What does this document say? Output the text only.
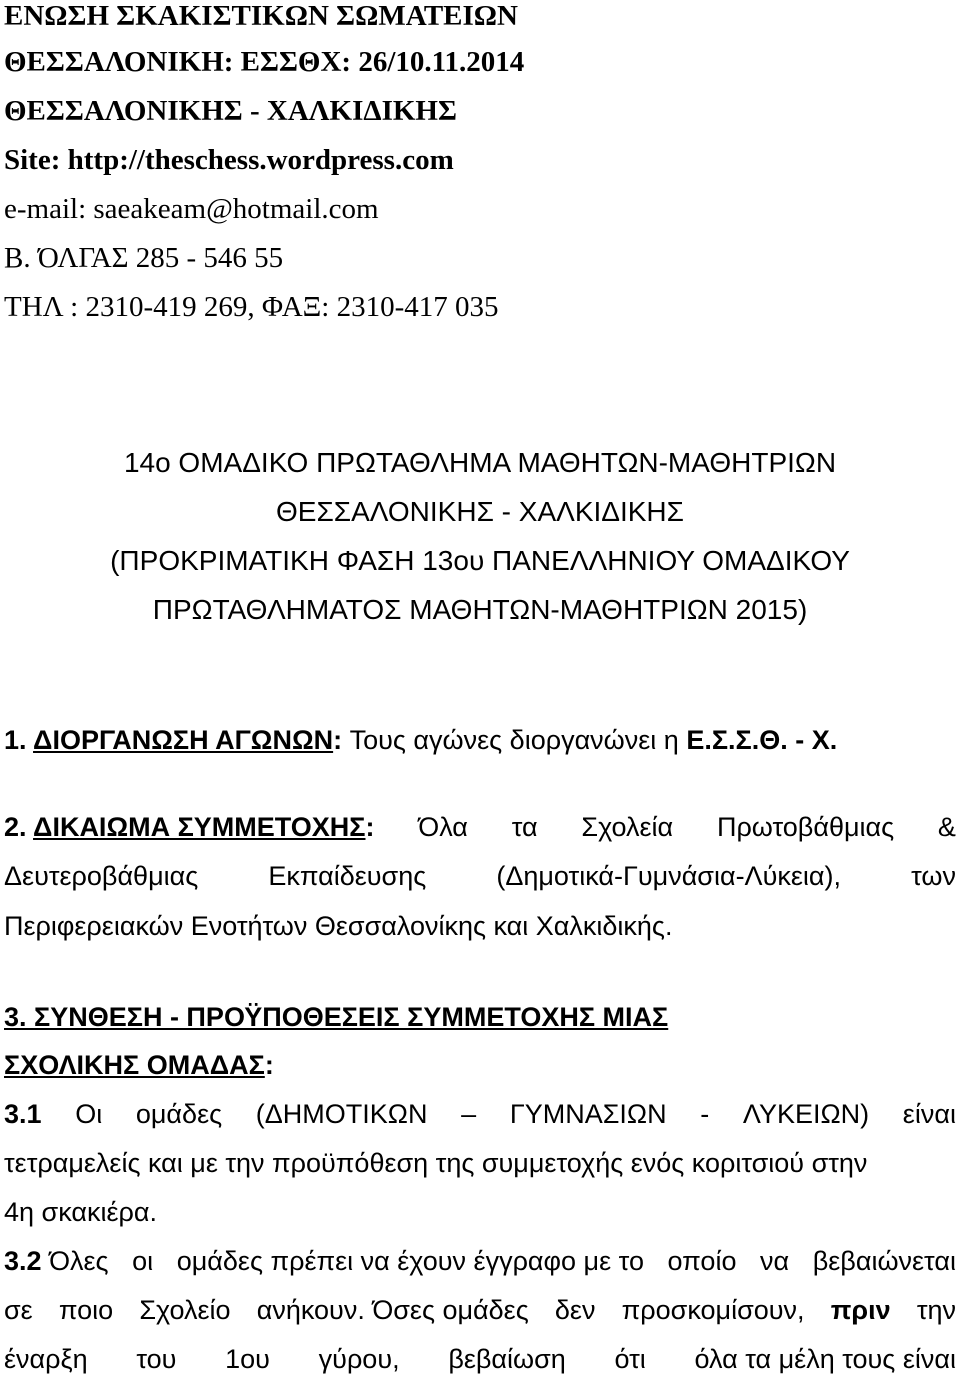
ΕΝΩΣΗ ΣΚΑΚΙΣΤΙΚΩΝ ΣΩΜΑΤΕΙΩΝ
ΘΕΣΣΑΛΟΝΙΚΗ: ΕΣΣΘΧ: 26/10.11.2014
ΘΕΣΣΑΛΟΝΙΚΗΣ - ΧΑΛΚΙΔΙΚΗΣ
Site: http://theschess.wordpress.com
e-mail: saeakeam@hotmail.com
Β. ΌΛΓΑΣ 285 - 546 55
ΤΗΛ : 2310-419 269, ΦΑΞ: 2310-417 035
14ο ΟΜΑΔΙΚΟ ΠΡΩΤΑΘΛΗΜΑ ΜΑΘΗΤΩΝ-ΜΑΘΗΤΡΙΩΝ
ΘΕΣΣΑΛΟΝΙΚΗΣ - ΧΑΛΚΙΔΙΚΗΣ
(ΠΡΟΚΡΙΜΑΤΙΚΗ ΦΑΣΗ 13ου ΠΑΝΕΛΛΗΝΙΟΥ ΟΜΑΔΙΚΟΥ
ΠΡΩΤΑΘΛΗΜΑΤΟΣ ΜΑΘΗΤΩΝ-ΜΑΘΗΤΡΙΩΝ 2015)
1. ΔΙΟΡΓΑΝΩΣΗ ΑΓΩΝΩΝ: Τους αγώνες διοργανώνει η Ε.Σ.Σ.Θ. - Χ.
2. ΔΙΚΑΙΩΜΑ ΣΥΜΜΕΤΟΧΗΣ: Όλα τα Σχολεία Πρωτοβάθμιας &
Δευτεροβάθμιας	Εκπαίδευσης	(Δημοτικά-Γυμνάσια-Λύκεια),	των
Περιφερειακών Ενοτήτων Θεσσαλονίκης και Χαλκιδικής.
3. ΣΥΝΘΕΣΗ - ΠΡΟΫΠΟΘΕΣΕΙΣ ΣΥΜΜΕΤΟΧΗΣ ΜΙΑΣ
ΣΧΟΛΙΚΗΣ ΟΜΑΔΑΣ:
3.1 Οι ομάδες (ΔΗΜΟΤΙΚΩΝ – ΓΥΜΝΑΣΙΩΝ - ΛΥΚΕΙΩΝ) είναι
τετραμελείς και με την προϋπόθεση της συμμετοχής ενός κοριτσιού στην
4η σκακιέρα.
3.2 Όλες οι ομάδες πρέπει να έχουν έγγραφο με το οποίο να βεβαιώνεται
σε ποιο Σχολείο ανήκουν. Όσες ομάδες δεν προσκομίσουν, πριν την
έναρξη του 1ου γύρου, βεβαίωση ότι όλα τα μέλη τους είναι
